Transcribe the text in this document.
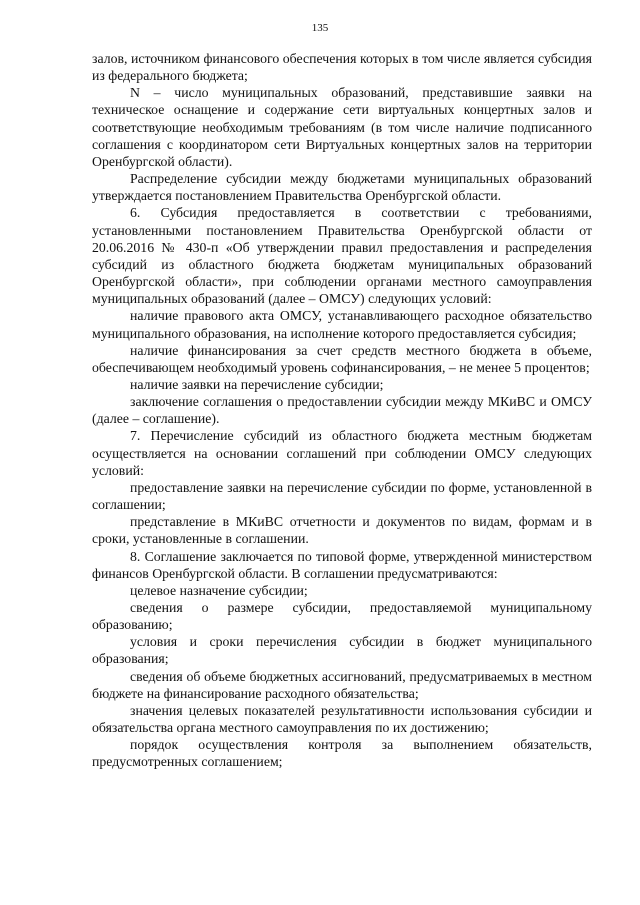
135

залов, источником финансового обеспечения которых в том числе является субсидия из федерального бюджета;

N – число муниципальных образований, представившие заявки на техническое оснащение и содержание сети виртуальных концертных залов и соответствующие необходимым требованиям (в том числе наличие подписанного соглашения с координатором сети Виртуальных концертных залов на территории Оренбургской области).

Распределение субсидии между бюджетами муниципальных образований утверждается постановлением Правительства Оренбургской области.

6. Субсидия предоставляется в соответствии с требованиями, установленными постановлением Правительства Оренбургской области от 20.06.2016 № 430-п «Об утверждении правил предоставления и распределения субсидий из областного бюджета бюджетам муниципальных образований Оренбургской области», при соблюдении органами местного самоуправления муниципальных образований (далее – ОМСУ) следующих условий:

наличие правового акта ОМСУ, устанавливающего расходное обязательство муниципального образования, на исполнение которого предоставляется субсидия;

наличие финансирования за счет средств местного бюджета в объеме, обеспечивающем необходимый уровень софинансирования, – не менее 5 процентов;

наличие заявки на перечисление субсидии;

заключение соглашения о предоставлении субсидии между МКиВС и ОМСУ (далее – соглашение).

7. Перечисление субсидий из областного бюджета местным бюджетам осуществляется на основании соглашений при соблюдении ОМСУ следующих условий:

предоставление заявки на перечисление субсидии по форме, установленной в соглашении;

представление в МКиВС отчетности и документов по видам, формам и в сроки, установленные в соглашении.

8. Соглашение заключается по типовой форме, утвержденной министерством финансов Оренбургской области. В соглашении предусматриваются:

целевое назначение субсидии;

сведения о размере субсидии, предоставляемой муниципальному образованию;

условия и сроки перечисления субсидии в бюджет муниципального образования;

сведения об объеме бюджетных ассигнований, предусматриваемых в местном бюджете на финансирование расходного обязательства;

значения целевых показателей результативности использования субсидии и обязательства органа местного самоуправления по их достижению;

порядок осуществления контроля за выполнением обязательств, предусмотренных соглашением;
